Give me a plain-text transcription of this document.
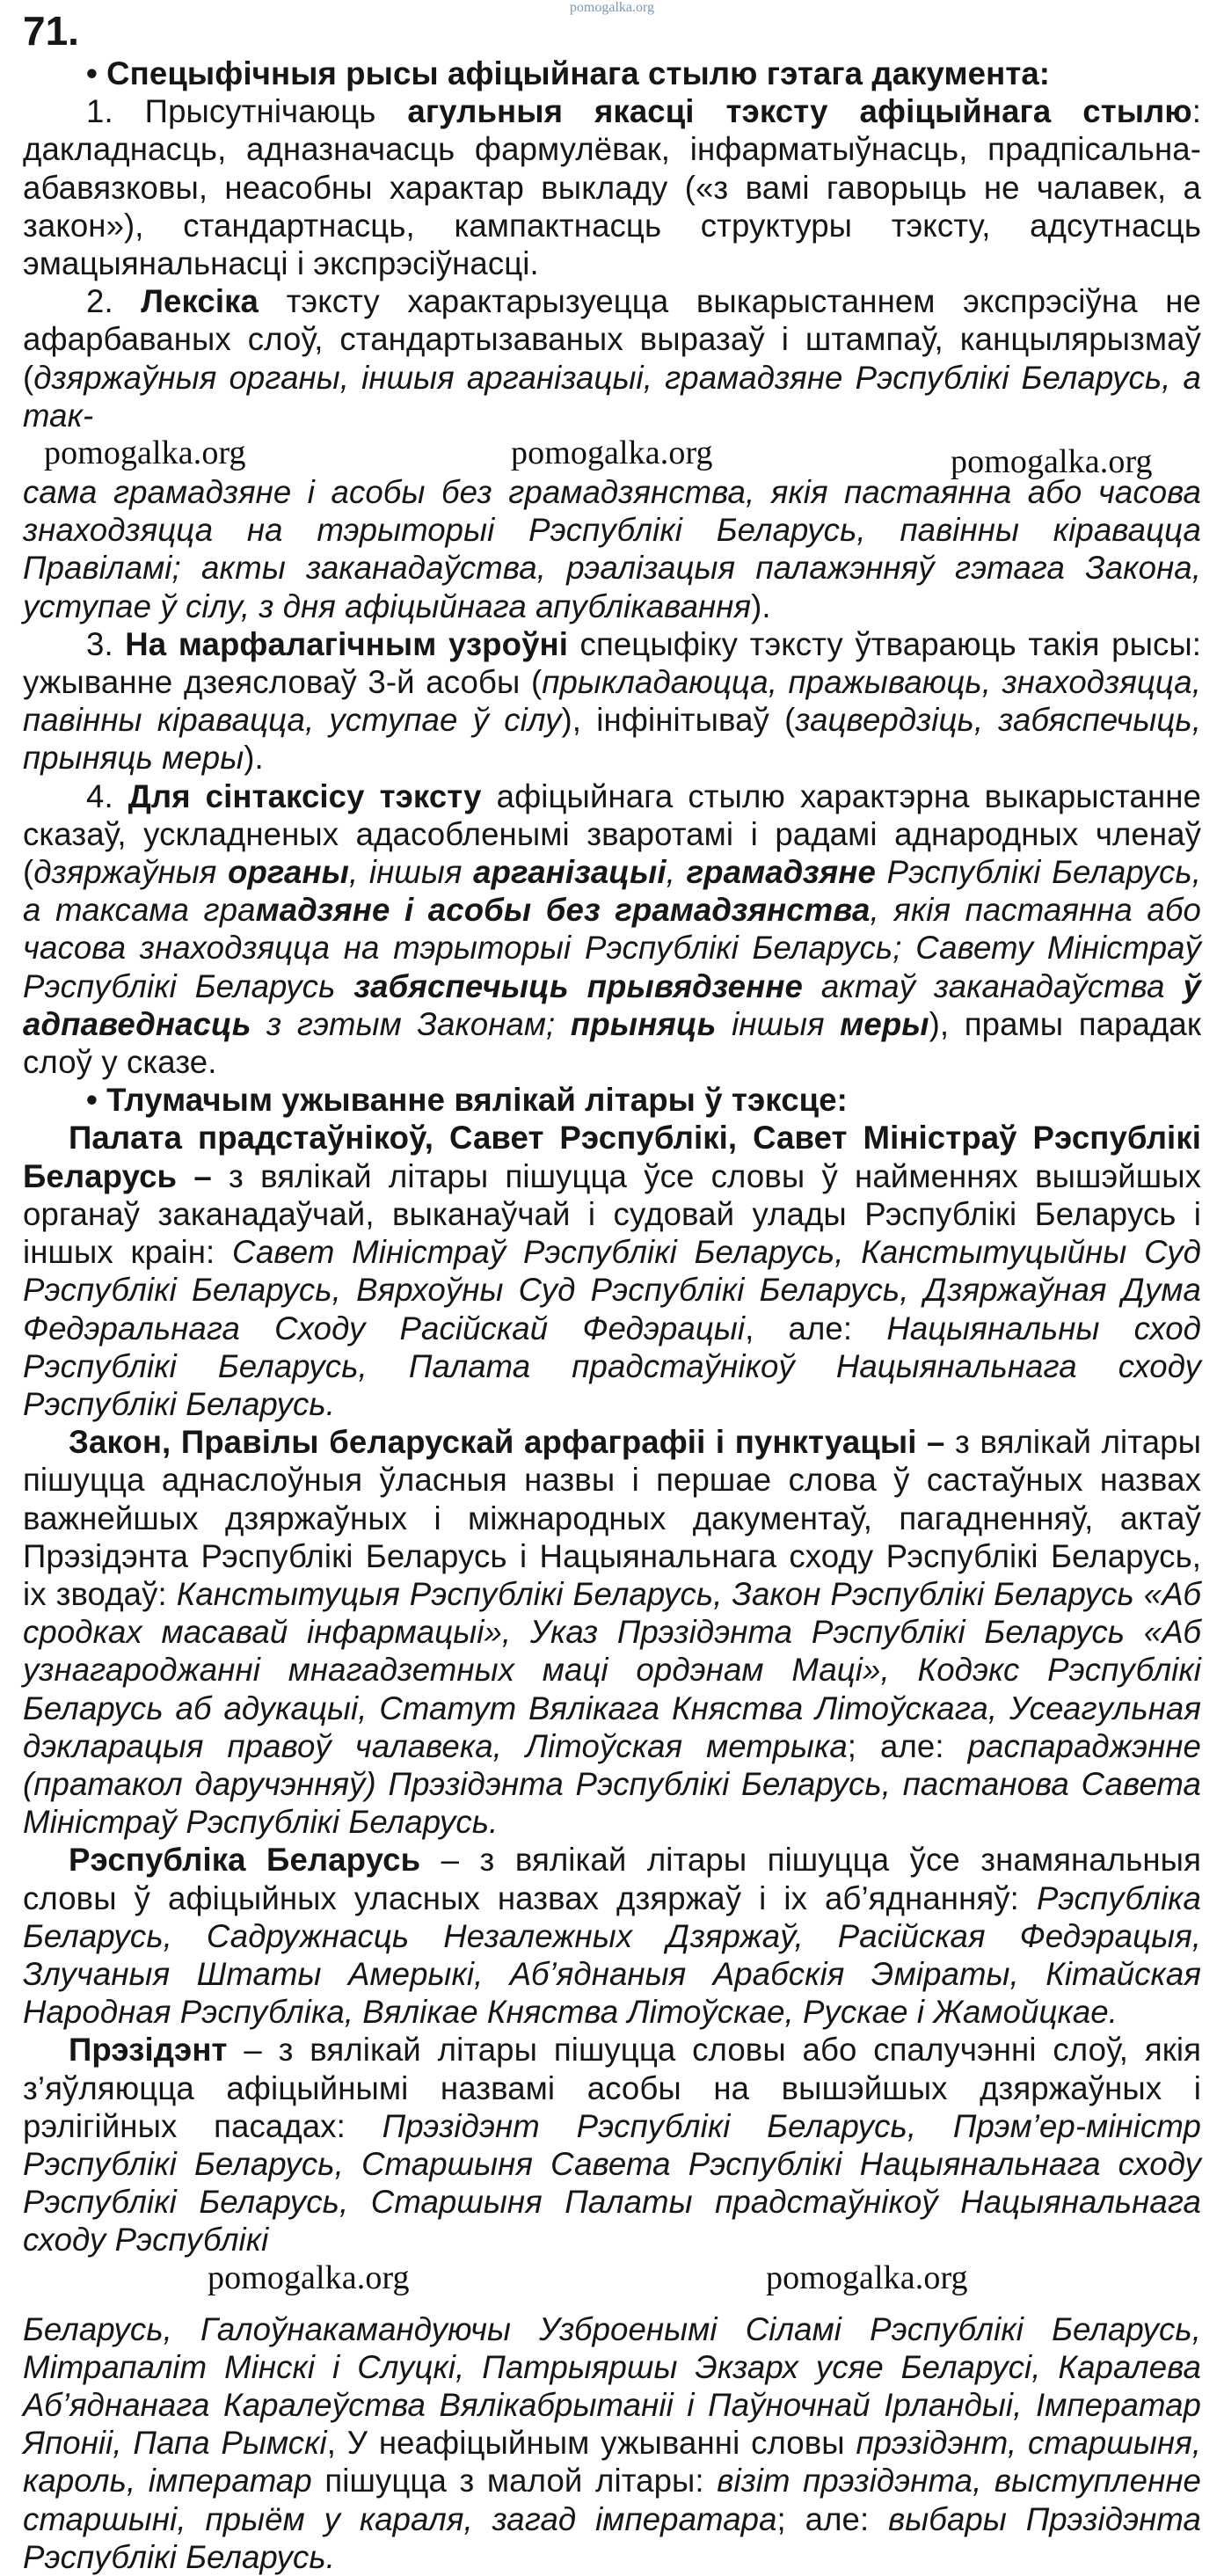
pomogalka.org
71.

• Спецыфічныя рысы афіцыйнага стылю гэтага дакумента:

1. Прысутнічаюць агульныя якасці тэксту афіцыйнага стылю: дакладнасць, адназначасць фармулёвак, інфарматыўнасць, прадпісальна-абавязковы, неасобны характар выкладу («з вамі гаворыць не чалавек, а закон»), стандартнасць, кампактнасць структуры тэксту, адсутнасць эмацыянальнасці і экспрэсіўнасці.

2. Лексіка тэксту характарызуецца выкарыстаннем экспрэсіўна не афарбаваных слоў, стандартызаваных выразаў і штампаў, канцылярызмаў (дзяржаўныя органы, іншыя арганізацыі, грамадзяне Рэспублікі Беларусь, а так-

pomogalka.org	pomogalka.org	pomogalka.org

сама грамадзяне і асобы без грамадзянства, якія пастаянна або часова знаходзяцца на тэрыторыі Рэспублікі Беларусь, павінны кіравацца Правіламі; акты заканадаўства, рэалізацыя палажэнняў гэтага Закона, уступае ў сілу, з дня афіцыйнага апублікавання).

3. На марфалагічным узроўні спецыфіку тэксту ўтвараюць такія рысы: ужыванне дзеясловаў 3-й асобы (прыкладаюцца, пражываюць, знаходзяцца, павінны кіравацца, уступае ў сілу), інфінітываў (зацвердзіць, забяспечыць, прыняць меры).

4. Для сінтаксісу тэксту афіцыйнага стылю характэрна выкарыстанне сказаў, ускладненых адасобленымі зваротамі і радамі аднародных членаў (дзяржаўныя органы, іншыя арганізацыі, грамадзяне Рэспублікі Беларусь, а таксама грамадзяне і асобы без грамадзянства, якія пастаянна або часова знаходзяцца на тэрыторыі Рэспублікі Беларусь; Савету Міністраў Рэспублікі Беларусь забяспечыць прывядзенне актаў заканадаўства ў адпаведнасць з гэтым Законам; прыняць іншыя меры), прамы парадак слоў у сказе.

• Тлумачым ужыванне вялікай літары ў тэксце:

Палата прадстаўнікоў, Савет Рэспублікі, Савет Міністраў Рэспублікі Беларусь – з вялікай літары пішуцца ўсе словы ў найменнях вышэйшых органаў заканадаўчай, выканаўчай і судовай улады Рэспублікі Беларусь і іншых краін: Савет Міністраў Рэспублікі Беларусь, Канстытуцыйны Суд Рэспублікі Беларусь, Вярхоўны Суд Рэспублікі Беларусь, Дзяржаўная Дума Федэральнага Сходу Расійскай Федэрацыі, але: Нацыянальны сход Рэспублікі Беларусь, Палата прадстаўнікоў Нацыянальнага сходу Рэспублікі Беларусь.

Закон, Правілы беларускай арфаграфіі і пунктуацыі – з вялікай літары пішуцца аднаслоўныя ўласныя назвы і першае слова ў састаўных назвах важнейшых дзяржаўных і міжнародных дакументаў, пагадненняў, актаў Прэзідэнта Рэспублікі Беларусь і Нацыянальнага сходу Рэспублікі Беларусь, іх зводаў: Канстытуцыя Рэспублікі Беларусь, Закон Рэспублікі Беларусь «Аб сродках масавай інфармацыі», Указ Прэзідэнта Рэспублікі Беларусь «Аб узнагароджанні мнагадзетных маці ордэнам Маці», Кодэкс Рэспублікі Беларусь аб адукацыі, Статут Вялікага Княства Літоўскага, Усеагульная дэкларацыя правоў чалавека, Літоўская метрыка; але: распараджэнне (пратакол даручэнняў) Прэзідэнта Рэспублікі Беларусь, пастанова Савета Міністраў Рэспублікі Беларусь.

Рэспубліка Беларусь – з вялікай літары пішуцца ўсе знамянальныя словы ў афіцыйных уласных назвах дзяржаў і іх аб’яднанняў: Рэспубліка Беларусь, Садружнасць Незалежных Дзяржаў, Расійская Федэрацыя, Злучаныя Штаты Амерыкі, Аб’яднаныя Арабскія Эміраты, Кітайская Народная Рэспубліка, Вялікае Княства Літоўскае, Рускае і Жамойцкае.

Прэзідэнт – з вялікай літары пішуцца словы або спалучэнні слоў, якія з’яўляюцца афіцыйнымі назвамі асобы на вышэйшых дзяржаўных і рэлігійных пасадах: Прэзідэнт Рэспублікі Беларусь, Прэм’ер-міністр Рэспублікі Беларусь, Старшыня Савета Рэспублікі Нацыянальнага сходу Рэспублікі Беларусь, Старшыня Палаты прадстаўнікоў Нацыянальнага сходу Рэспублікі

pomogalka.org	pomogalka.org

Беларусь, Галоўнакамандуючы Узброенымі Сіламі Рэспублікі Беларусь, Мітрапаліт Мінскі і Слуцкі, Патрыяршы Экзарх усяе Беларусі, Каралева Аб’яднанага Каралеўства Вялікабрытаніі і Паўночнай Ірландыі, Імператар Японіі, Папа Рымскі, У неафіцыйным ужыванні словы прэзідэнт, старшыня, кароль, імператар пішуцца з малой літары: візіт прэзідэнта, выступленне старшыні, прыём у караля, загад імператара; але: выбары Прэзідэнта Рэспублікі Беларусь.
